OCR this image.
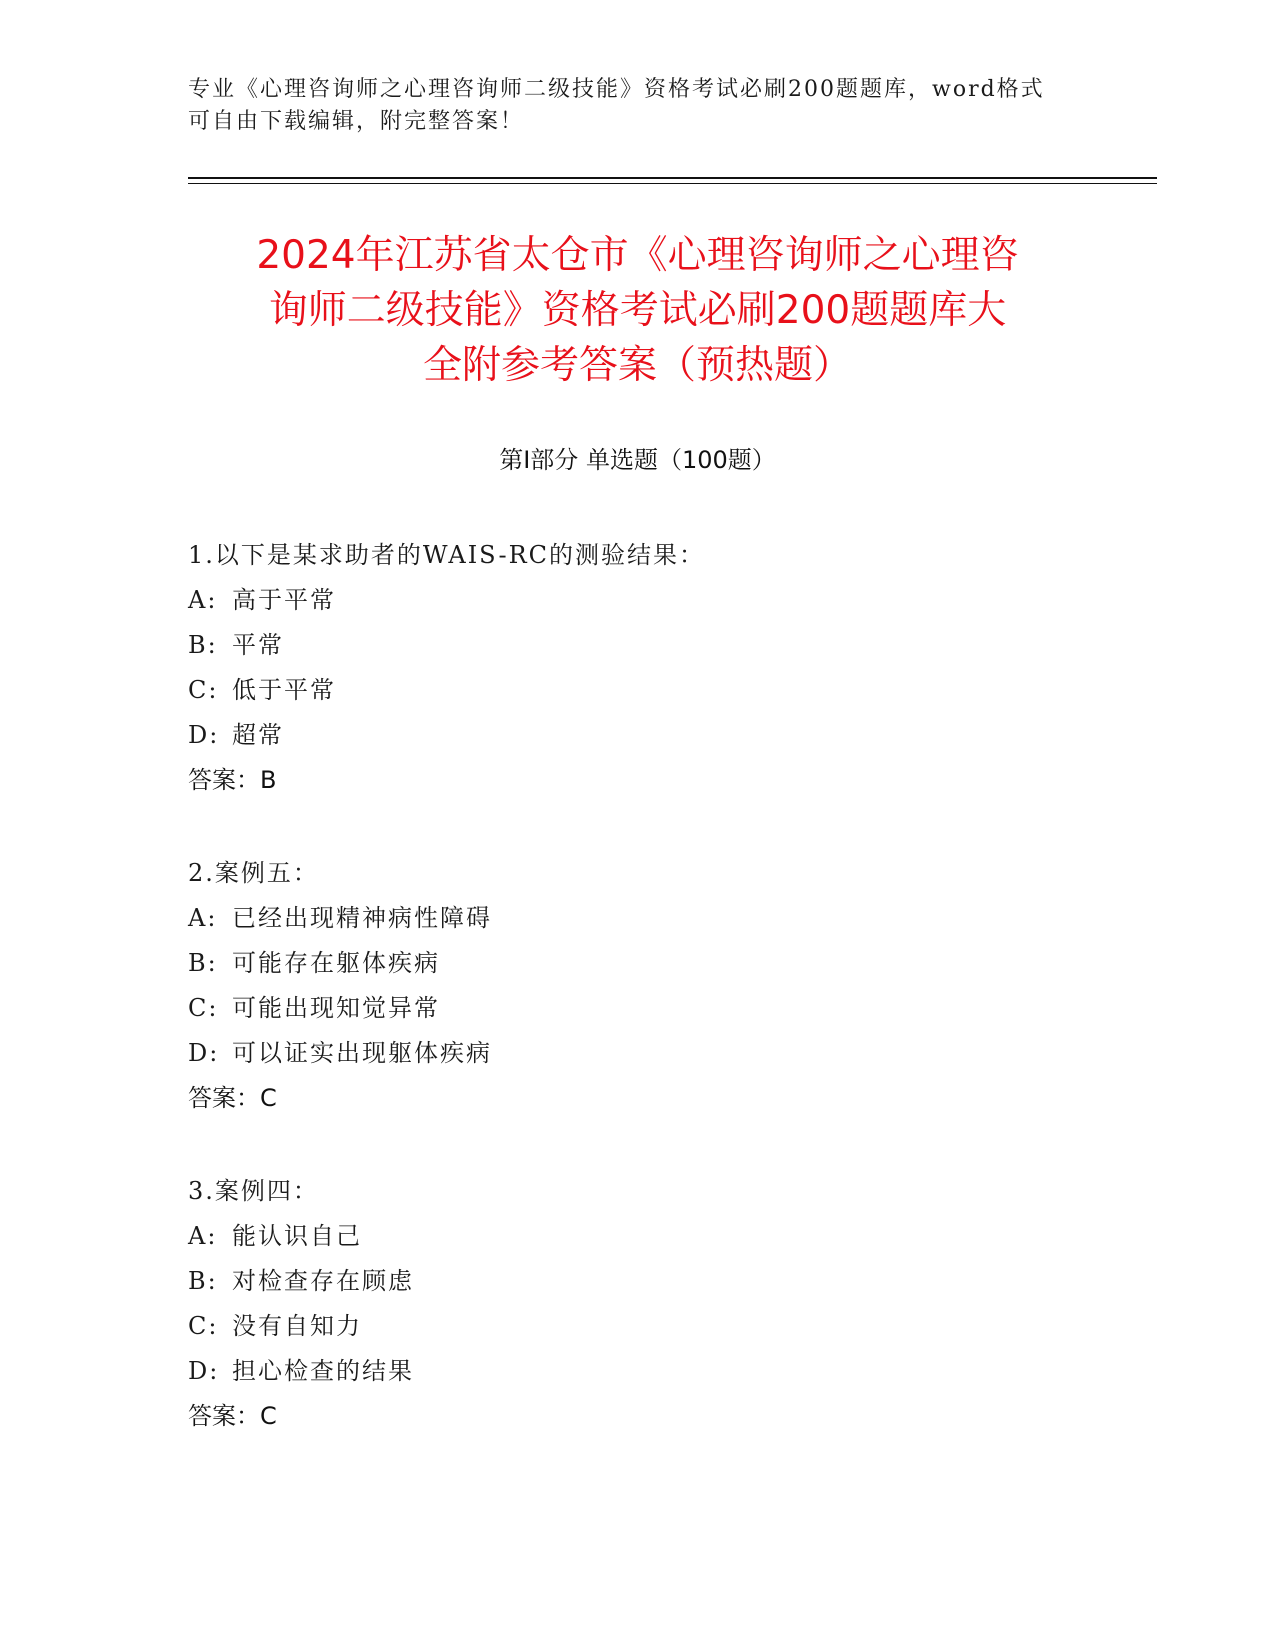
专业《心理咨询师之心理咨询师二级技能》资格考试必刷200题题库，word格式
可自由下载编辑，附完整答案！
2024年江苏省太仓市《心理咨询师之心理咨
询师二级技能》资格考试必刷200题题库大
全附参考答案（预热题）
第Ⅰ部分 单选题（100题）
1.以下是某求助者的WAIS-RC的测验结果：
A: 高于平常
B: 平常
C: 低于平常
D: 超常
答案：B
2.案例五：
A: 已经出现精神病性障碍
B: 可能存在躯体疾病
C: 可能出现知觉异常
D: 可以证实出现躯体疾病
答案：C
3.案例四：
A: 能认识自己
B: 对检查存在顾虑
C: 没有自知力
D: 担心检查的结果
答案：C
